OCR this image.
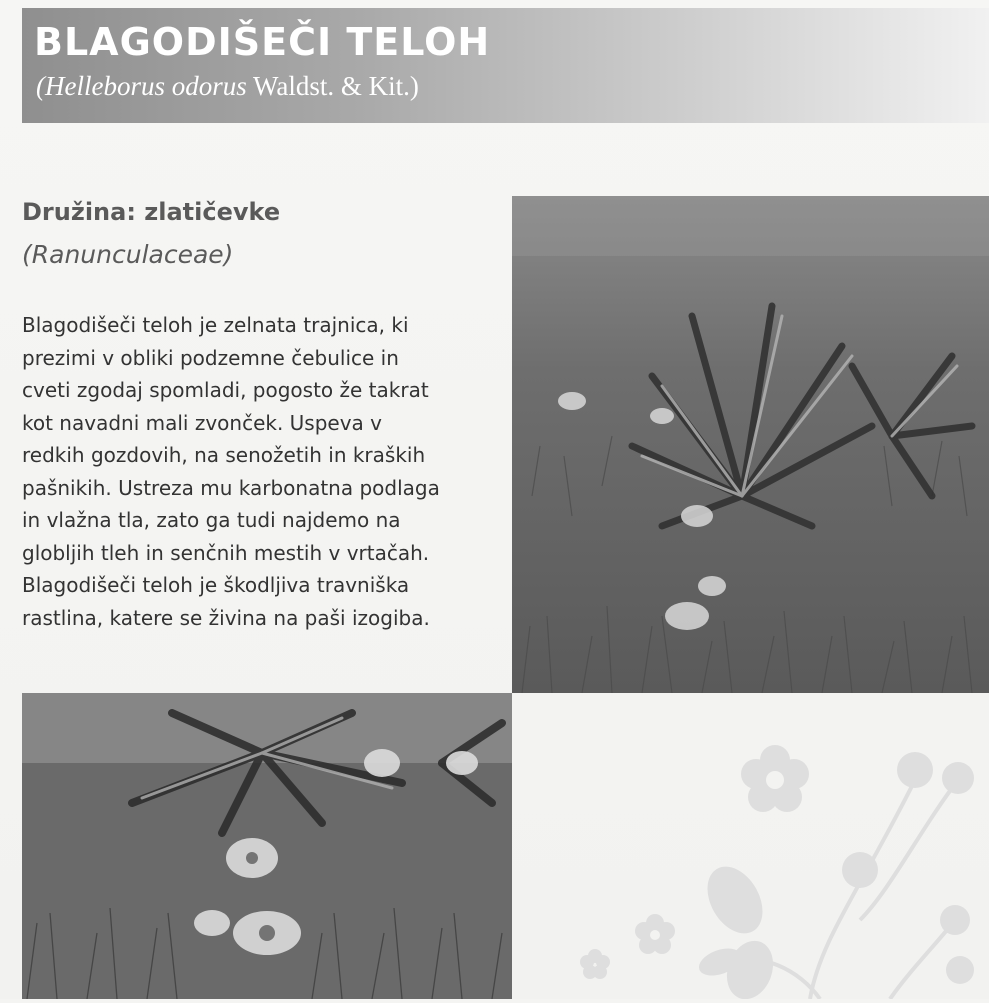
BLAGODIŠEČI TELOH

(Helleborus odorus Waldst. & Kit.)

Družina: zlatičevke

(Ranunculaceae)

Blagodišeči teloh je zelnata trajnica, ki
prezimi v obliki podzemne čebulice in
cveti zgodaj spomladi, pogosto že takrat
kot navadni mali zvonček. Uspeva v
redkih gozdovih, na senožetih in kraških
pašnikih. Ustreza mu karbonatna podlaga
in vlažna tla, zato ga tudi najdemo na
globljih tleh in senčnih mestih v vrtačah.
Blagodišeči teloh je škodljiva travniška
rastlina, katere se živina na paši izogiba.
